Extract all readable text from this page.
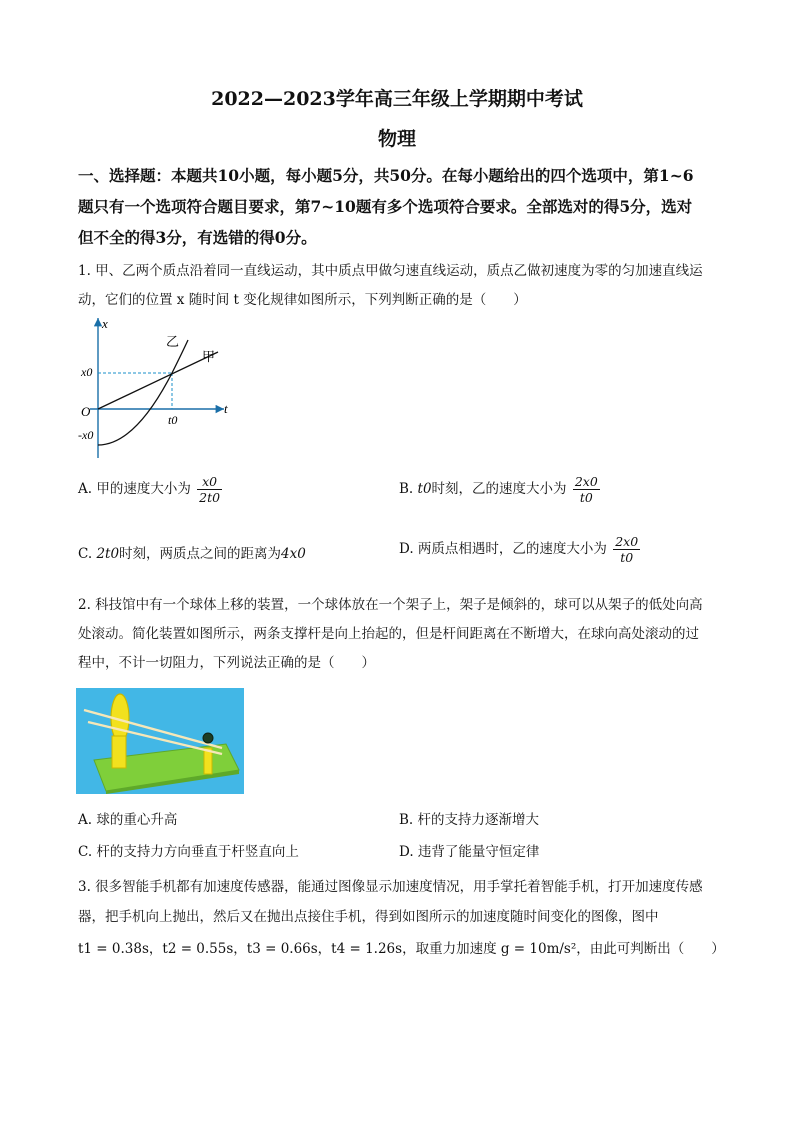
2022—2023学年高三年级上学期期中考试
物理
一、选择题：本题共10小题，每小题5分，共50分。在每小题给出的四个选项中，第1~6
题只有一个选项符合题目要求，第7~10题有多个选项符合要求。全部选对的得5分，选对
但不全的得3分，有选错的得0分。
1. 甲、乙两个质点沿着同一直线运动，其中质点甲做匀速直线运动，质点乙做初速度为零的匀加速直线运
动，它们的位置 x 随时间 t 变化规律如图所示，下列判断正确的是（　　）
x
t
O
x0
-x0
t0
乙
甲
A. 甲的速度大小为 $\frac{x0}{2t0}$	B. t0时刻，乙的速度大小为 $\frac{2x0}{t0}$
C. 2t0时刻，两质点之间的距离为4x0	D. 两质点相遇时，乙的速度大小为 $\frac{2x0}{t0}$
2. 科技馆中有一个球体上移的装置，一个球体放在一个架子上，架子是倾斜的，球可以从架子的低处向高
处滚动。简化装置如图所示，两条支撑杆是向上抬起的，但是杆间距离在不断增大，在球向高处滚动的过
程中，不计一切阻力，下列说法正确的是（　　）
A. 球的重心升高	B. 杆的支持力逐渐增大
C. 杆的支持力方向垂直于杆竖直向上	D. 违背了能量守恒定律
3. 很多智能手机都有加速度传感器，能通过图像显示加速度情况，用手掌托着智能手机，打开加速度传感
器，把手机向上抛出，然后又在抛出点接住手机，得到如图所示的加速度随时间变化的图像，图中
t1 = 0.38s，t2 = 0.55s，t3 = 0.66s，t4 = 1.26s，取重力加速度 g = 10m/s²，由此可判断出（　　）
